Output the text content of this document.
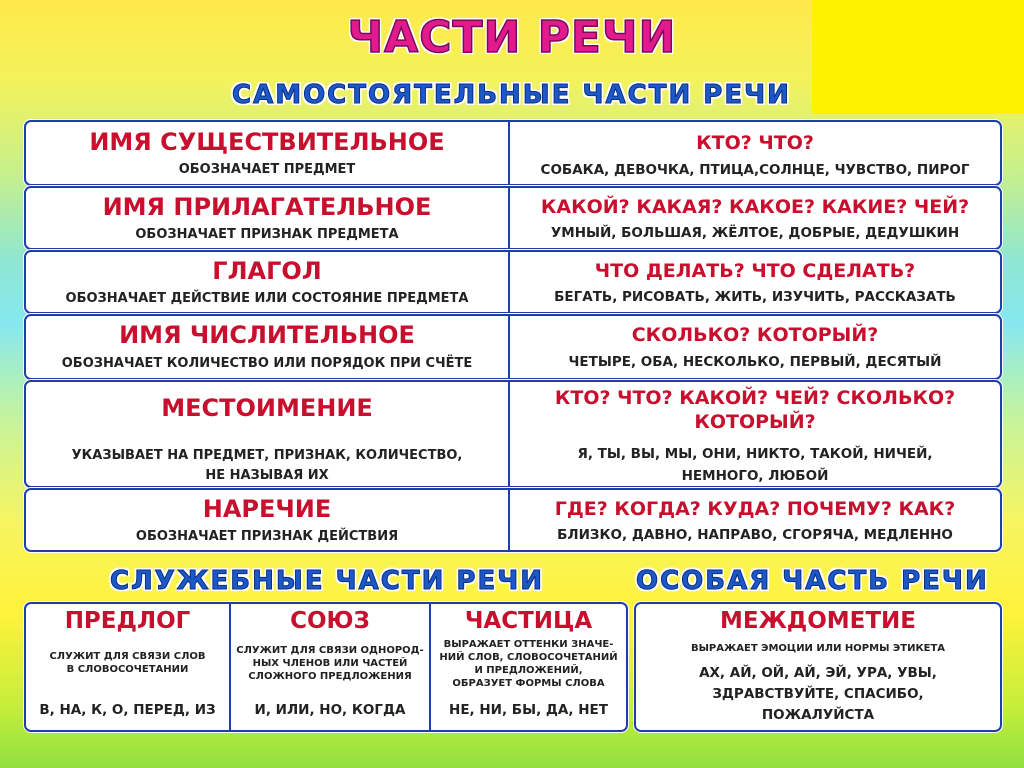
ЧАСТИ РЕЧИ
САМОСТОЯТЕЛЬНЫЕ ЧАСТИ РЕЧИ
ИМЯ СУЩЕСТВИТЕЛЬНОЕ
ОБОЗНАЧАЕТ ПРЕДМЕТ
КТО? ЧТО?
СОБАКА, ДЕВОЧКА, ПТИЦА,СОЛНЦЕ, ЧУВСТВО, ПИРОГ
ИМЯ ПРИЛАГАТЕЛЬНОЕ
ОБОЗНАЧАЕТ ПРИЗНАК ПРЕДМЕТА
КАКОЙ? КАКАЯ? КАКОЕ? КАКИЕ? ЧЕЙ?
УМНЫЙ, БОЛЬШАЯ, ЖЁЛТОЕ, ДОБРЫЕ, ДЕДУШКИН
ГЛАГОЛ
ОБОЗНАЧАЕТ ДЕЙСТВИЕ ИЛИ СОСТОЯНИЕ ПРЕДМЕТА
ЧТО ДЕЛАТЬ? ЧТО СДЕЛАТЬ?
БЕГАТЬ, РИСОВАТЬ, ЖИТЬ, ИЗУЧИТЬ, РАССКАЗАТЬ
ИМЯ ЧИСЛИТЕЛЬНОЕ
ОБОЗНАЧАЕТ КОЛИЧЕСТВО ИЛИ ПОРЯДОК ПРИ СЧЁТЕ
СКОЛЬКО? КОТОРЫЙ?
ЧЕТЫРЕ, ОБА, НЕСКОЛЬКО, ПЕРВЫЙ, ДЕСЯТЫЙ
МЕСТОИМЕНИЕ
УКАЗЫВАЕТ НА ПРЕДМЕТ, ПРИЗНАК, КОЛИЧЕСТВО,
НЕ НАЗЫВАЯ ИХ
КТО? ЧТО? КАКОЙ? ЧЕЙ? СКОЛЬКО?
КОТОРЫЙ?
Я, ТЫ, ВЫ, МЫ, ОНИ, НИКТО, ТАКОЙ, НИЧЕЙ,
НЕМНОГО, ЛЮБОЙ
НАРЕЧИЕ
ОБОЗНАЧАЕТ ПРИЗНАК ДЕЙСТВИЯ
ГДЕ? КОГДА? КУДА? ПОЧЕМУ? КАК?
БЛИЗКО, ДАВНО, НАПРАВО, СГОРЯЧА, МЕДЛЕННО
СЛУЖЕБНЫЕ ЧАСТИ РЕЧИ	ОСОБАЯ ЧАСТЬ РЕЧИ
ПРЕДЛОГ
СЛУЖИТ ДЛЯ СВЯЗИ СЛОВ
В СЛОВОСОЧЕТАНИИ
В, НА, К, О, ПЕРЕД, ИЗ
СОЮЗ
СЛУЖИТ ДЛЯ СВЯЗИ ОДНОРОД-
НЫХ ЧЛЕНОВ ИЛИ ЧАСТЕЙ
СЛОЖНОГО ПРЕДЛОЖЕНИЯ
И, ИЛИ, НО, КОГДА
ЧАСТИЦА
ВЫРАЖАЕТ ОТТЕНКИ ЗНАЧЕ-
НИЙ СЛОВ, СЛОВОСОЧЕТАНИЙ
И ПРЕДЛОЖЕНИЙ,
ОБРАЗУЕТ ФОРМЫ СЛОВА
НЕ, НИ, БЫ, ДА, НЕТ
МЕЖДОМЕТИЕ
ВЫРАЖАЕТ ЭМОЦИИ ИЛИ НОРМЫ ЭТИКЕТА
АХ, АЙ, ОЙ, АЙ, ЭЙ, УРА, УВЫ,
ЗДРАВСТВУЙТЕ, СПАСИБО,
ПОЖАЛУЙСТА
